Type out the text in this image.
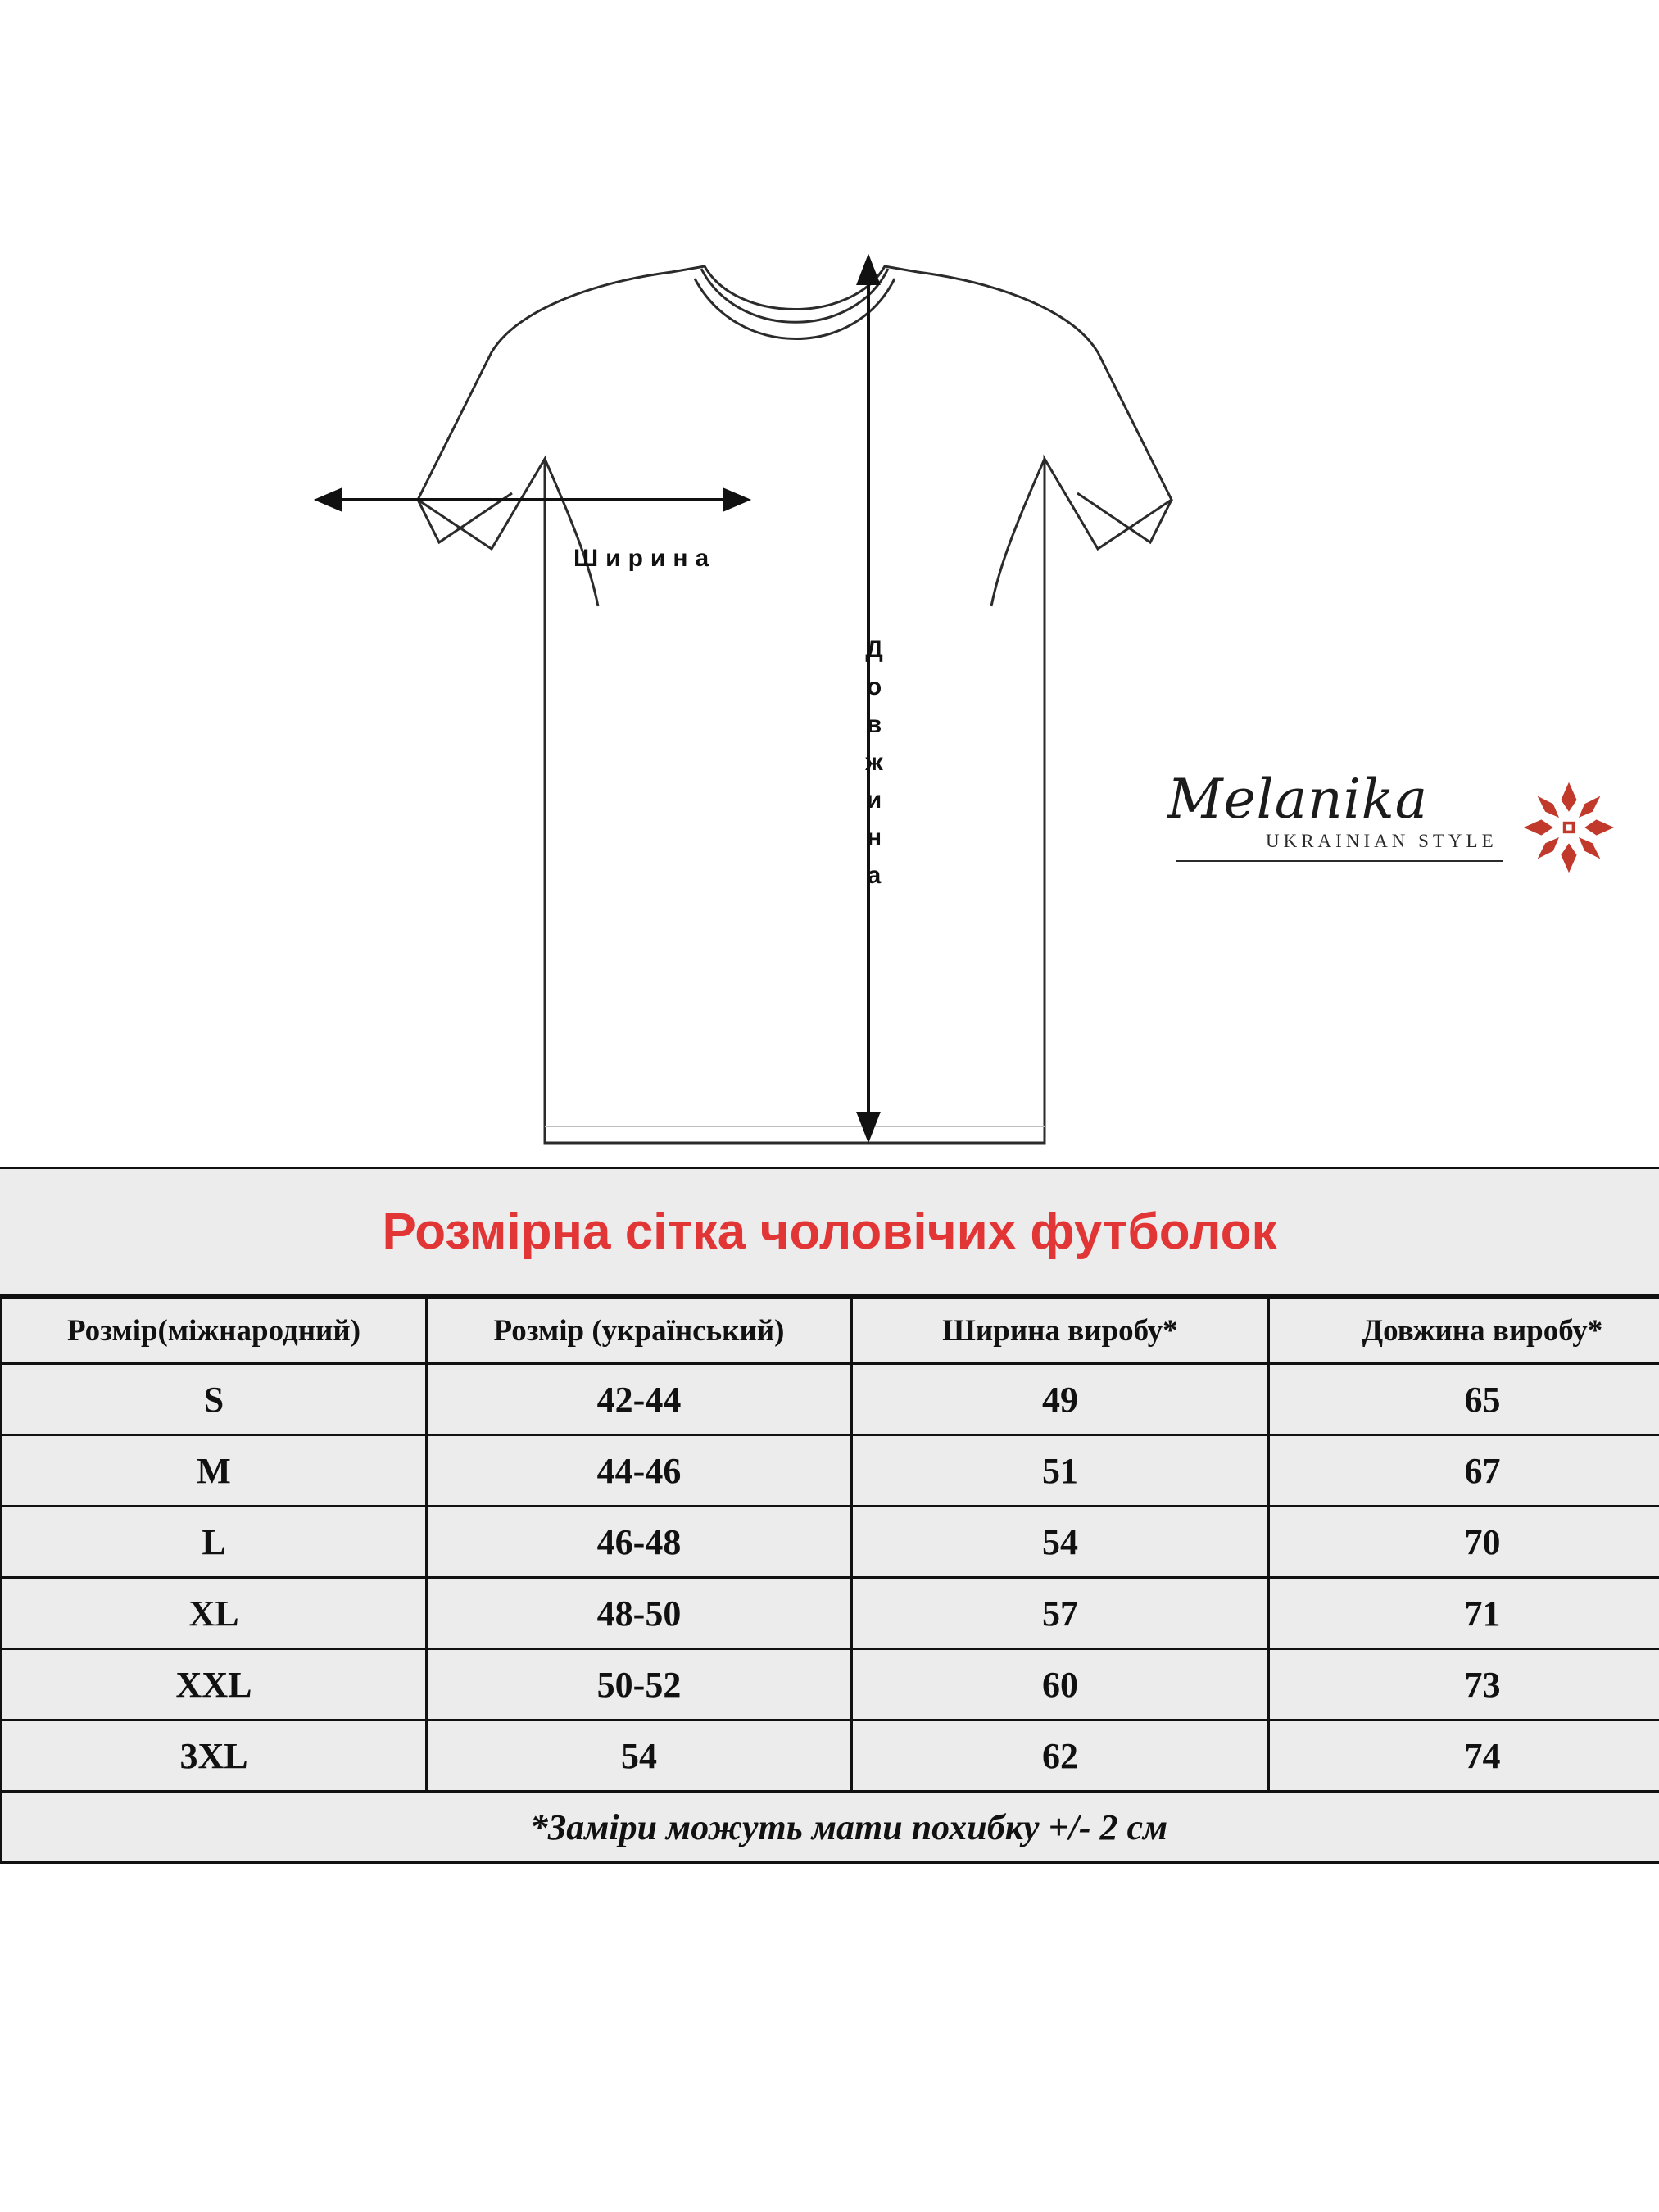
Ширина
Д
о
в
ж
и
н
а
Melanika
UKRAINIAN STYLE
Розмірна сітка чоловічих футболок
Розмір(міжнародний)	Розмір (український)	Ширина виробу*	Довжина виробу*
S	42-44	49	65
M	44-46	51	67
L	46-48	54	70
XL	48-50	57	71
XXL	50-52	60	73
3XL	54	62	74
*Заміри можуть мати похибку +/- 2 см			
